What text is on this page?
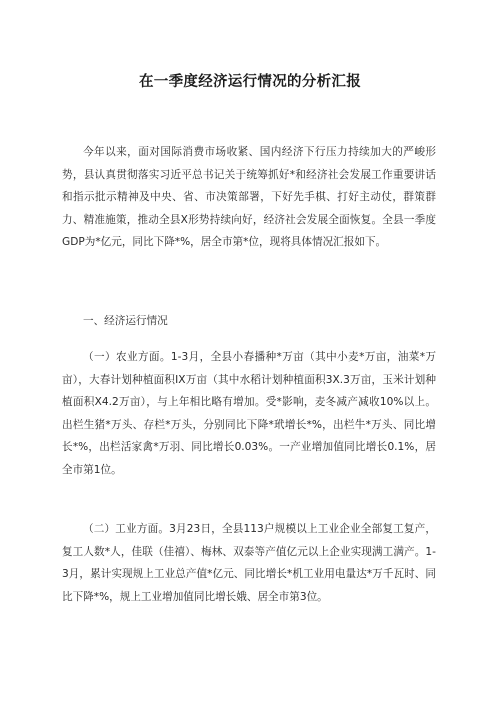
在一季度经济运行情况的分析汇报

今年以来，面对国际消费市场收紧、国内经济下行压力持续加大的严峻形势，县认真贯彻落实习近平总书记关于统筹抓好*和经济社会发展工作重要讲话和指示批示精神及中央、省、市决策部署，下好先手棋、打好主动仗，群策群力、精准施策，推动全县X形势持续向好，经济社会发展全面恢复。全县一季度GDP为*亿元，同比下降*%，居全市第*位，现将具体情况汇报如下。

一、经济运行情况

（一）农业方面。1-3月，全县小春播种*万亩（其中小麦*万亩，油菜*万亩），大春计划种植面积IX万亩（其中水稻计划种植面积3X.3万亩，玉米计划种植面积X4.2万亩），与上年相比略有增加。受*影响，麦冬减产减收10%以上。出栏生猪*万头、存栏*万头，分别同比下降*玳增长*%，出栏牛*万头、同比增长*%，出栏活家禽*万羽、同比增长0.03%。一产业增加值同比增长0.1%，居全市第1位。

（二）工业方面。3月23日，全县113户规模以上工业企业全部复工复产，复工人数*人，佳联（佳禧）、梅林、双泰等产值亿元以上企业实现满工满产。1-3月，累计实现规上工业总产值*亿元、同比增长*机工业用电量达*万千瓦时、同比下降*%，规上工业增加值同比增长娥、居全市第3位。
